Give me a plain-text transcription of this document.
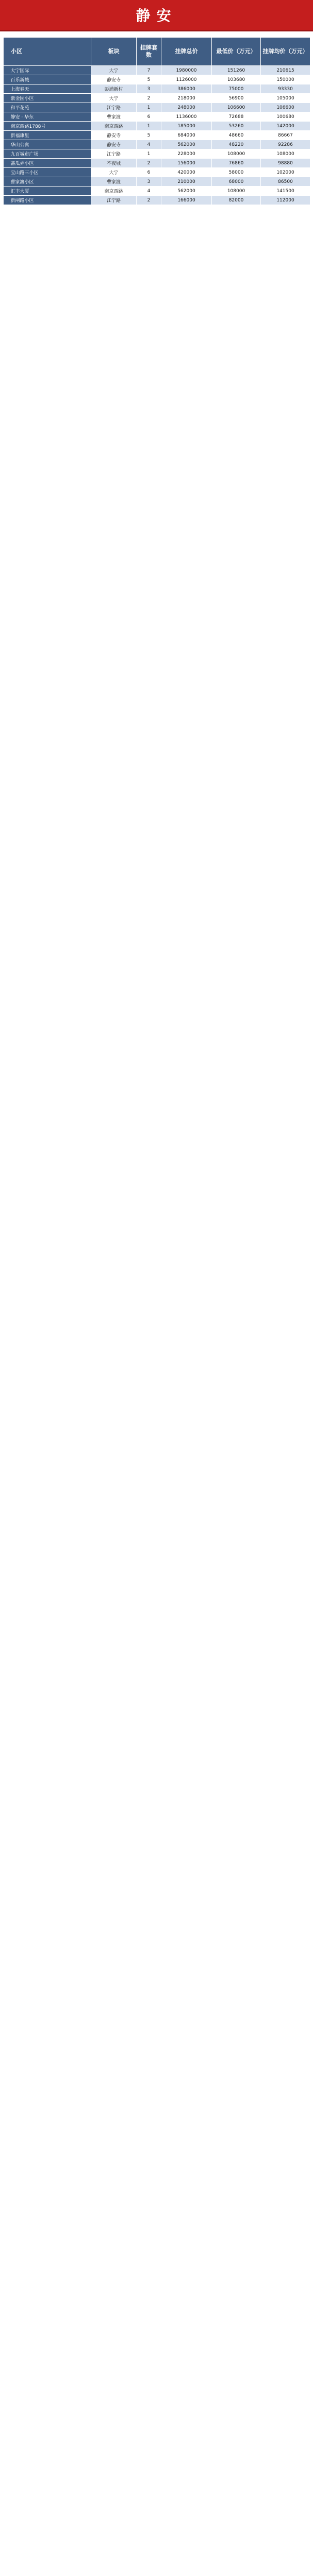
静安
小区	板块	挂牌套数	挂牌总价	最低价（万元）	挂牌均价（万元）
大宁国际	大宁	7	1980000	151260	210615
百乐新城	静安寺	5	1126000	103680	150000
上海春天	彭浦新村	3	386000	75000	93330
紫金园小区	大宁	2	218000	56900	105000
和平花苑	江宁路	1	248000	106600	106600
静安 · 华东	曹家渡	6	1136000	72688	100680
南京西路1788号	南京西路	1	185000	53260	142000
新福康里	静安寺	5	684000	48660	86667
华山公寓	静安寺	4	562000	48220	92286
九百城市广场	江宁路	1	228000	108000	108000
蕃瓜弄小区	不夜城	2	156000	76860	98880
宝山路三小区	大宁	6	420000	58000	102000
曹家渡小区	曹家渡	3	210000	68000	86500
汇丰大厦	南京西路	4	562000	108000	141500
新闸路小区	江宁路	2	166000	82000	112000
